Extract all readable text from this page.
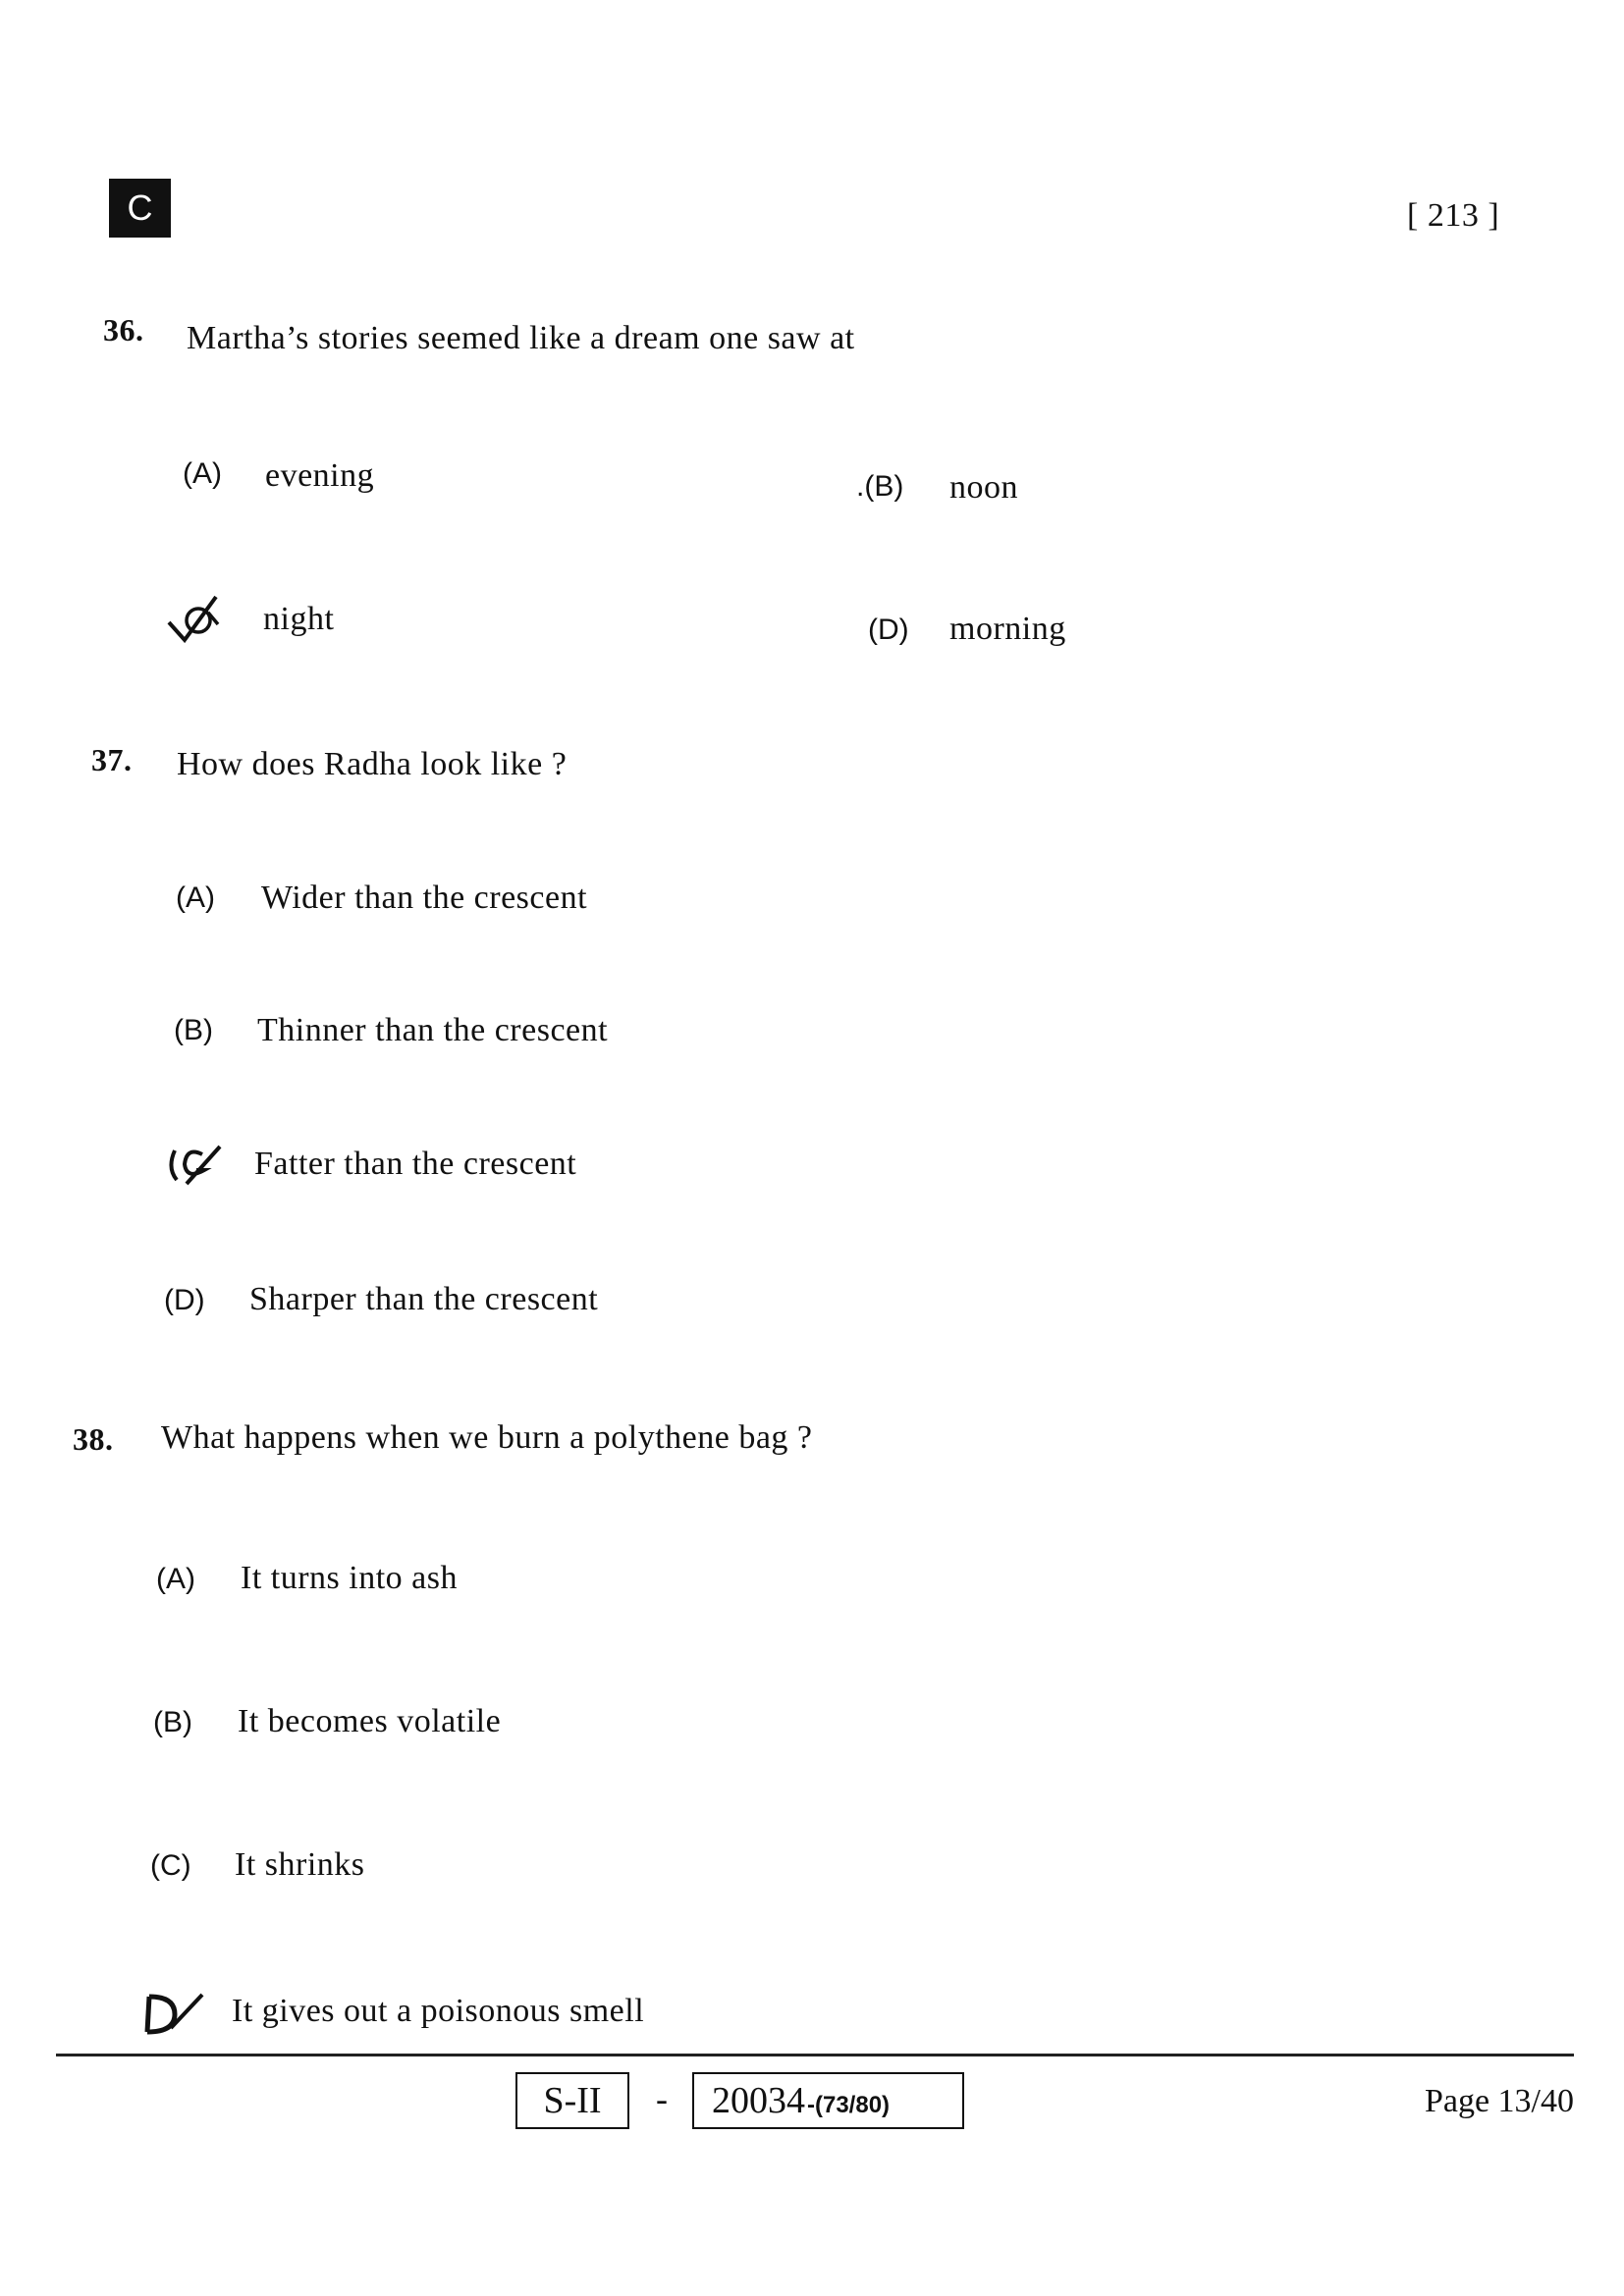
C	[ 213 ]
36. Martha’s stories seemed like a dream one saw at
(A) evening	.(B) noon
night	(D) morning
37. How does Radha look like ?
(A) Wider than the crescent
(B) Thinner than the crescent
Fatter than the crescent
(D) Sharper than the crescent
38. What happens when we burn a polythene bag ?
(A) It turns into ash
(B) It becomes volatile
(C) It shrinks
It gives out a poisonous smell
S-II - 20034 -(73/80)	Page 13/40
